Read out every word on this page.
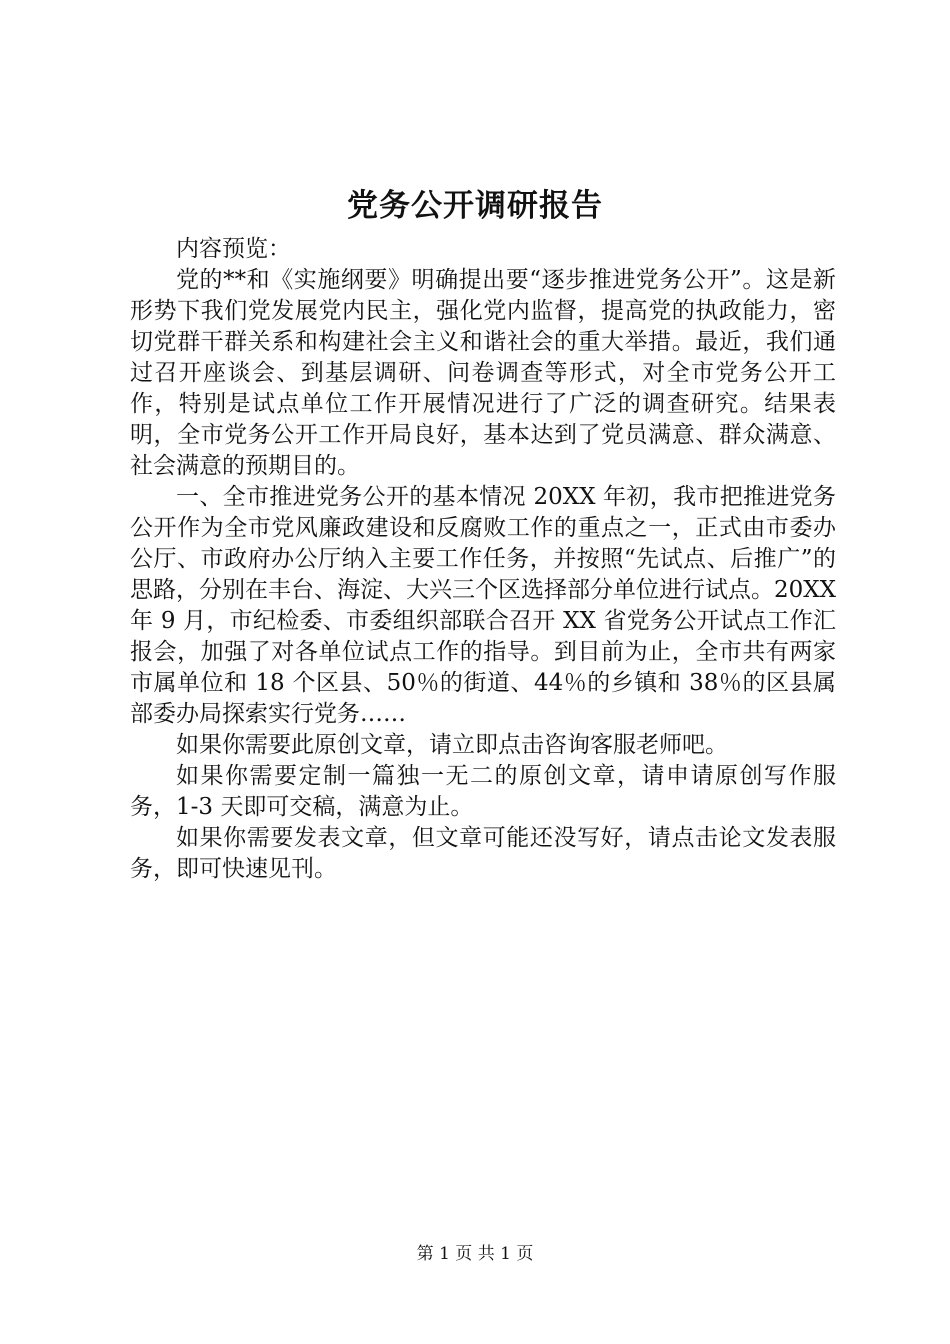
党务公开调研报告

内容预览：

党的**和《实施纲要》明确提出要“逐步推进党务公开”。这是新形势下我们党发展党内民主，强化党内监督，提高党的执政能力，密切党群干群关系和构建社会主义和谐社会的重大举措。最近，我们通过召开座谈会、到基层调研、问卷调查等形式，对全市党务公开工作，特别是试点单位工作开展情况进行了广泛的调查研究。结果表明，全市党务公开工作开局良好，基本达到了党员满意、群众满意、社会满意的预期目的。

一、全市推进党务公开的基本情况 20XX 年初，我市把推进党务公开作为全市党风廉政建设和反腐败工作的重点之一，正式由市委办公厅、市政府办公厅纳入主要工作任务，并按照“先试点、后推广”的思路，分别在丰台、海淀、大兴三个区选择部分单位进行试点。20XX 年 9 月，市纪检委、市委组织部联合召开 XX 省党务公开试点工作汇报会，加强了对各单位试点工作的指导。到目前为止，全市共有两家市属单位和 18 个区县、50％的街道、44％的乡镇和 38％的区县属部委办局探索实行党务……

如果你需要此原创文章，请立即点击咨询客服老师吧。

如果你需要定制一篇独一无二的原创文章，请申请原创写作服务，1-3 天即可交稿，满意为止。

如果你需要发表文章，但文章可能还没写好，请点击论文发表服务，即可快速见刊。

第 1 页 共 1 页
